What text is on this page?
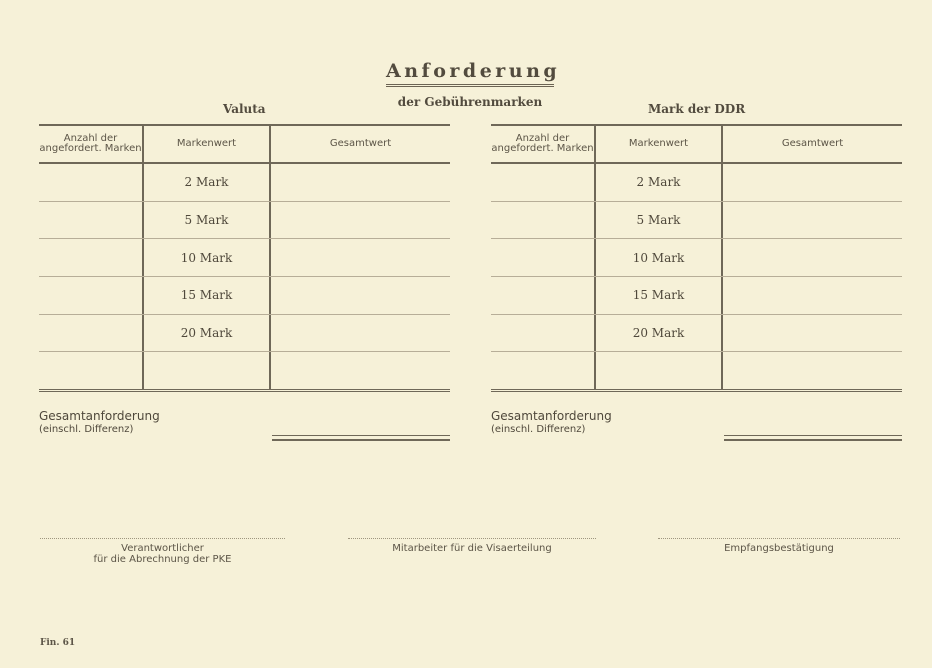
Anforderung
der Gebührenmarken
Valuta	Mark der DDR
Anzahl der angefordert. Marken	Markenwert	Gesamtwert
2 Mark
5 Mark
10 Mark
15 Mark
20 Mark
Anzahl der angefordert. Marken	Markenwert	Gesamtwert
2 Mark
5 Mark
10 Mark
15 Mark
20 Mark
Gesamtanforderung
(einschl. Differenz)
Gesamtanforderung
(einschl. Differenz)
Verantwortlicher
für die Abrechnung der PKE
Mitarbeiter für die Visaerteilung	Empfangsbestätigung
Fin. 61
